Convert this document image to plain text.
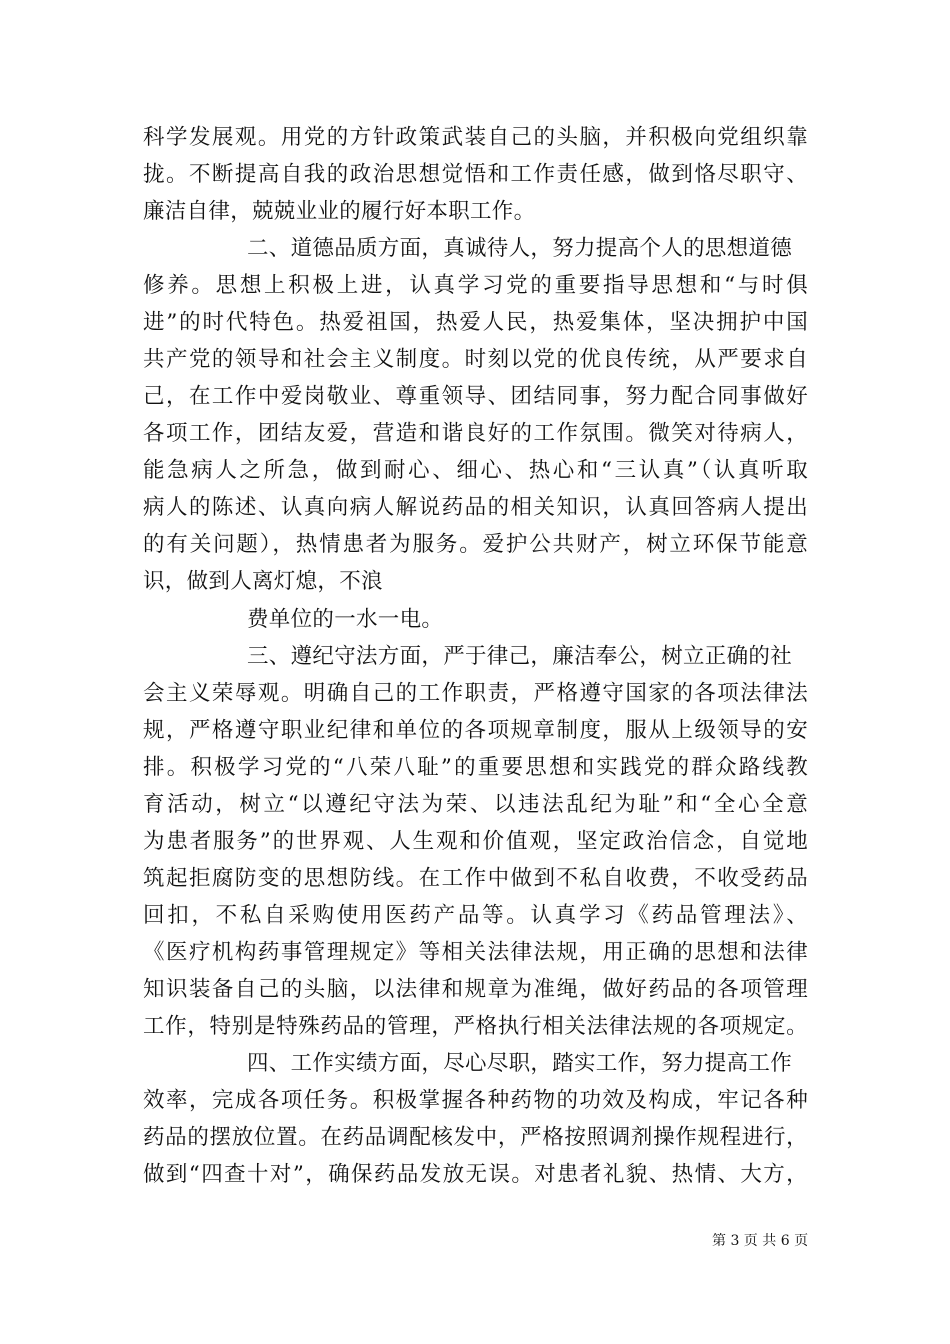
科学发展观。用党的方针政策武装自己的头脑，并积极向党组织靠
拢。不断提高自我的政治思想觉悟和工作责任感，做到恪尽职守、
廉洁自律，兢兢业业的履行好本职工作。
二、道德品质方面，真诚待人，努力提高个人的思想道德
修养。思想上积极上进，认真学习党的重要指导思想和“与时俱
进”的时代特色。热爱祖国，热爱人民，热爱集体，坚决拥护中国
共产党的领导和社会主义制度。时刻以党的优良传统，从严要求自
己，在工作中爱岗敬业、尊重领导、团结同事，努力配合同事做好
各项工作，团结友爱，营造和谐良好的工作氛围。微笑对待病人，
能急病人之所急，做到耐心、细心、热心和“三认真”（认真听取
病人的陈述、认真向病人解说药品的相关知识，认真回答病人提出
的有关问题），热情患者为服务。爱护公共财产，树立环保节能意
识，做到人离灯熄，不浪
费单位的一水一电。
三、遵纪守法方面，严于律己，廉洁奉公，树立正确的社
会主义荣辱观。明确自己的工作职责，严格遵守国家的各项法律法
规，严格遵守职业纪律和单位的各项规章制度，服从上级领导的安
排。积极学习党的“八荣八耻”的重要思想和实践党的群众路线教
育活动，树立“以遵纪守法为荣、以违法乱纪为耻”和“全心全意
为患者服务”的世界观、人生观和价值观，坚定政治信念，自觉地
筑起拒腐防变的思想防线。在工作中做到不私自收费，不收受药品
回扣，不私自采购使用医药产品等。认真学习《药品管理法》、
《医疗机构药事管理规定》等相关法律法规，用正确的思想和法律
知识装备自己的头脑，以法律和规章为准绳，做好药品的各项管理
工作，特别是特殊药品的管理，严格执行相关法律法规的各项规定。
四、工作实绩方面，尽心尽职，踏实工作，努力提高工作
效率，完成各项任务。积极掌握各种药物的功效及构成，牢记各种
药品的摆放位置。在药品调配核发中，严格按照调剂操作规程进行，
做到“四查十对”，确保药品发放无误。对患者礼貌、热情、大方，
第 3 页 共 6 页
